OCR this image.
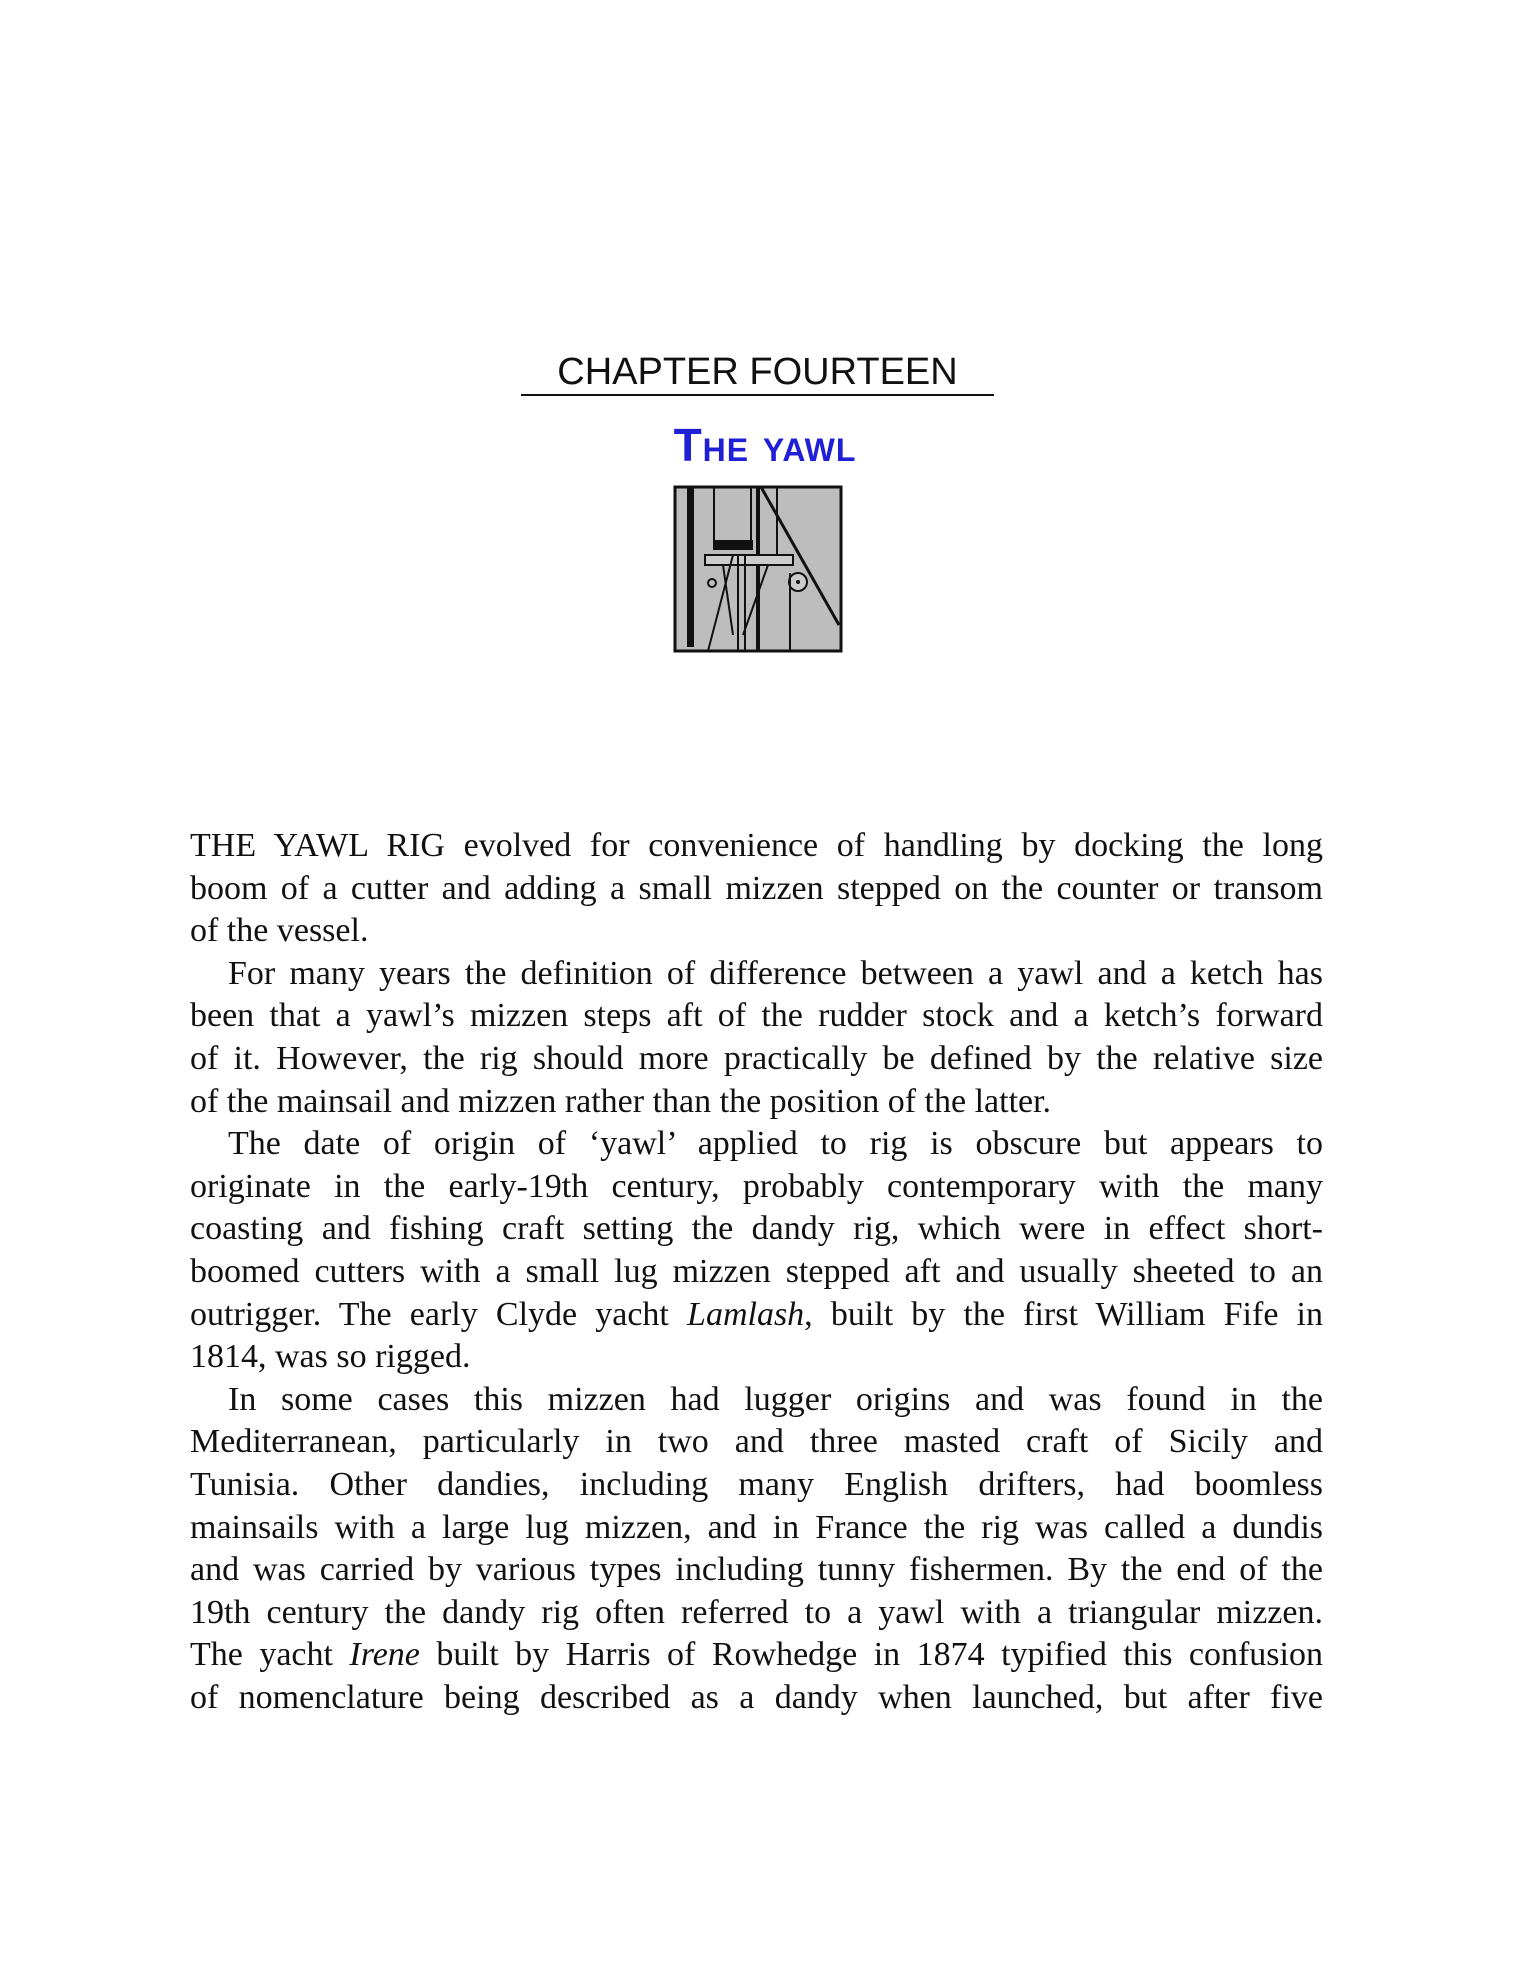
CHAPTER FOURTEEN
The yawl
THE YAWL RIG evolved for convenience of handling by docking the long
boom of a cutter and adding a small mizzen stepped on the counter or transom
of the vessel.
For many years the definition of difference between a yawl and a ketch has
been that a yawl’s mizzen steps aft of the rudder stock and a ketch’s forward
of it. However, the rig should more practically be defined by the relative size
of the mainsail and mizzen rather than the position of the latter.
The date of origin of ‘yawl’ applied to rig is obscure but appears to
originate in the early-19th century, probably contemporary with the many
coasting and fishing craft setting the dandy rig, which were in effect short-
boomed cutters with a small lug mizzen stepped aft and usually sheeted to an
outrigger. The early Clyde yacht Lamlash, built by the first William Fife in
1814, was so rigged.
In some cases this mizzen had lugger origins and was found in the
Mediterranean, particularly in two and three masted craft of Sicily and
Tunisia. Other dandies, including many English drifters, had boomless
mainsails with a large lug mizzen, and in France the rig was called a dundis
and was carried by various types including tunny fishermen. By the end of the
19th century the dandy rig often referred to a yawl with a triangular mizzen.
The yacht Irene built by Harris of Rowhedge in 1874 typified this confusion
of nomenclature being described as a dandy when launched, but after five
